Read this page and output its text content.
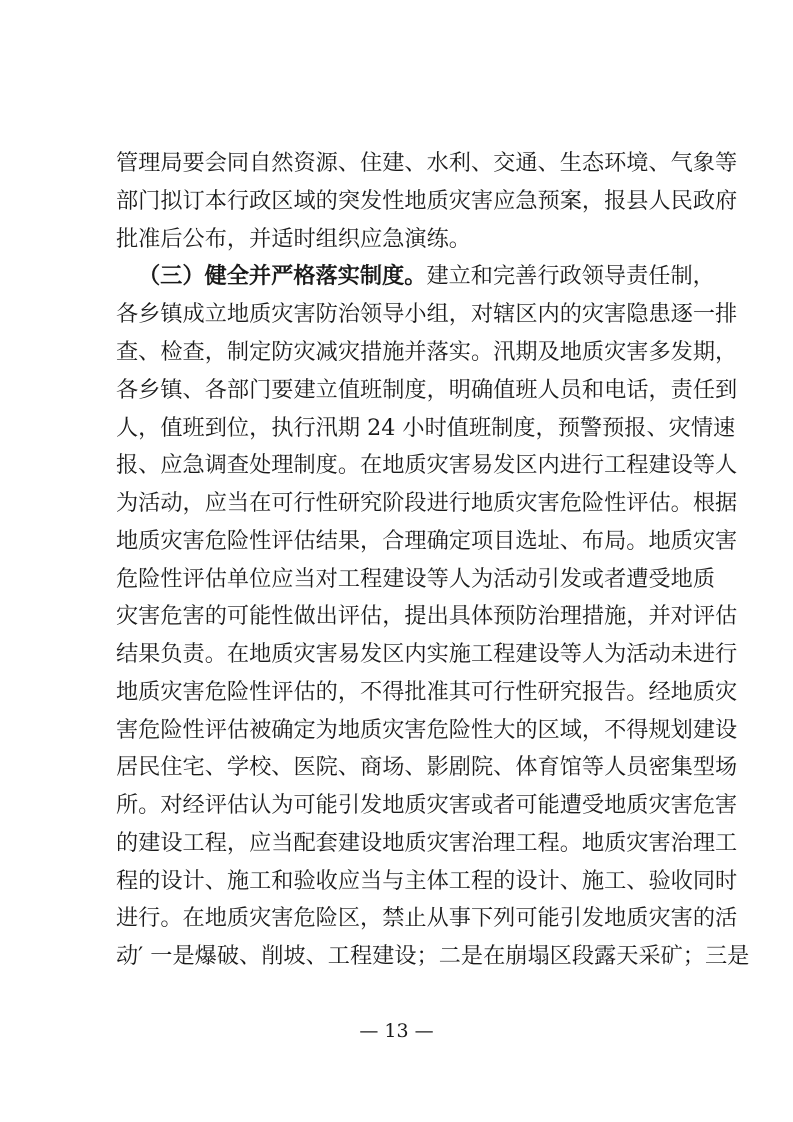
管理局要会同自然资源、住建、水利、交通、生态环境、气象等
部门拟订本行政区域的突发性地质灾害应急预案，报县人民政府
批准后公布，并适时组织应急演练。
（三）健全并严格落实制度。建立和完善行政领导责任制，
各乡镇成立地质灾害防治领导小组，对辖区内的灾害隐患逐一排
查、检查，制定防灾减灾措施并落实。汛期及地质灾害多发期，
各乡镇、各部门要建立值班制度，明确值班人员和电话，责任到
人，值班到位，执行汛期 24 小时值班制度，预警预报、灾情速
报、应急调查处理制度。在地质灾害易发区内进行工程建设等人
为活动，应当在可行性研究阶段进行地质灾害危险性评估。根据
地质灾害危险性评估结果，合理确定项目选址、布局。地质灾害
危险性评估单位应当对工程建设等人为活动引发或者遭受地质
灾害危害的可能性做出评估，提出具体预防治理措施，并对评估
结果负责。在地质灾害易发区内实施工程建设等人为活动未进行
地质灾害危险性评估的，不得批准其可行性研究报告。经地质灾
害危险性评估被确定为地质灾害危险性大的区域，不得规划建设
居民住宅、学校、医院、商场、影剧院、体育馆等人员密集型场
所。对经评估认为可能引发地质灾害或者可能遭受地质灾害危害
的建设工程，应当配套建设地质灾害治理工程。地质灾害治理工
程的设计、施工和验收应当与主体工程的设计、施工、验收同时
进行。在地质灾害危险区，禁止从事下列可能引发地质灾害的活
动′ 一是爆破、削坡、工程建设；二是在崩塌区段露天采矿；三是
— 13 —
